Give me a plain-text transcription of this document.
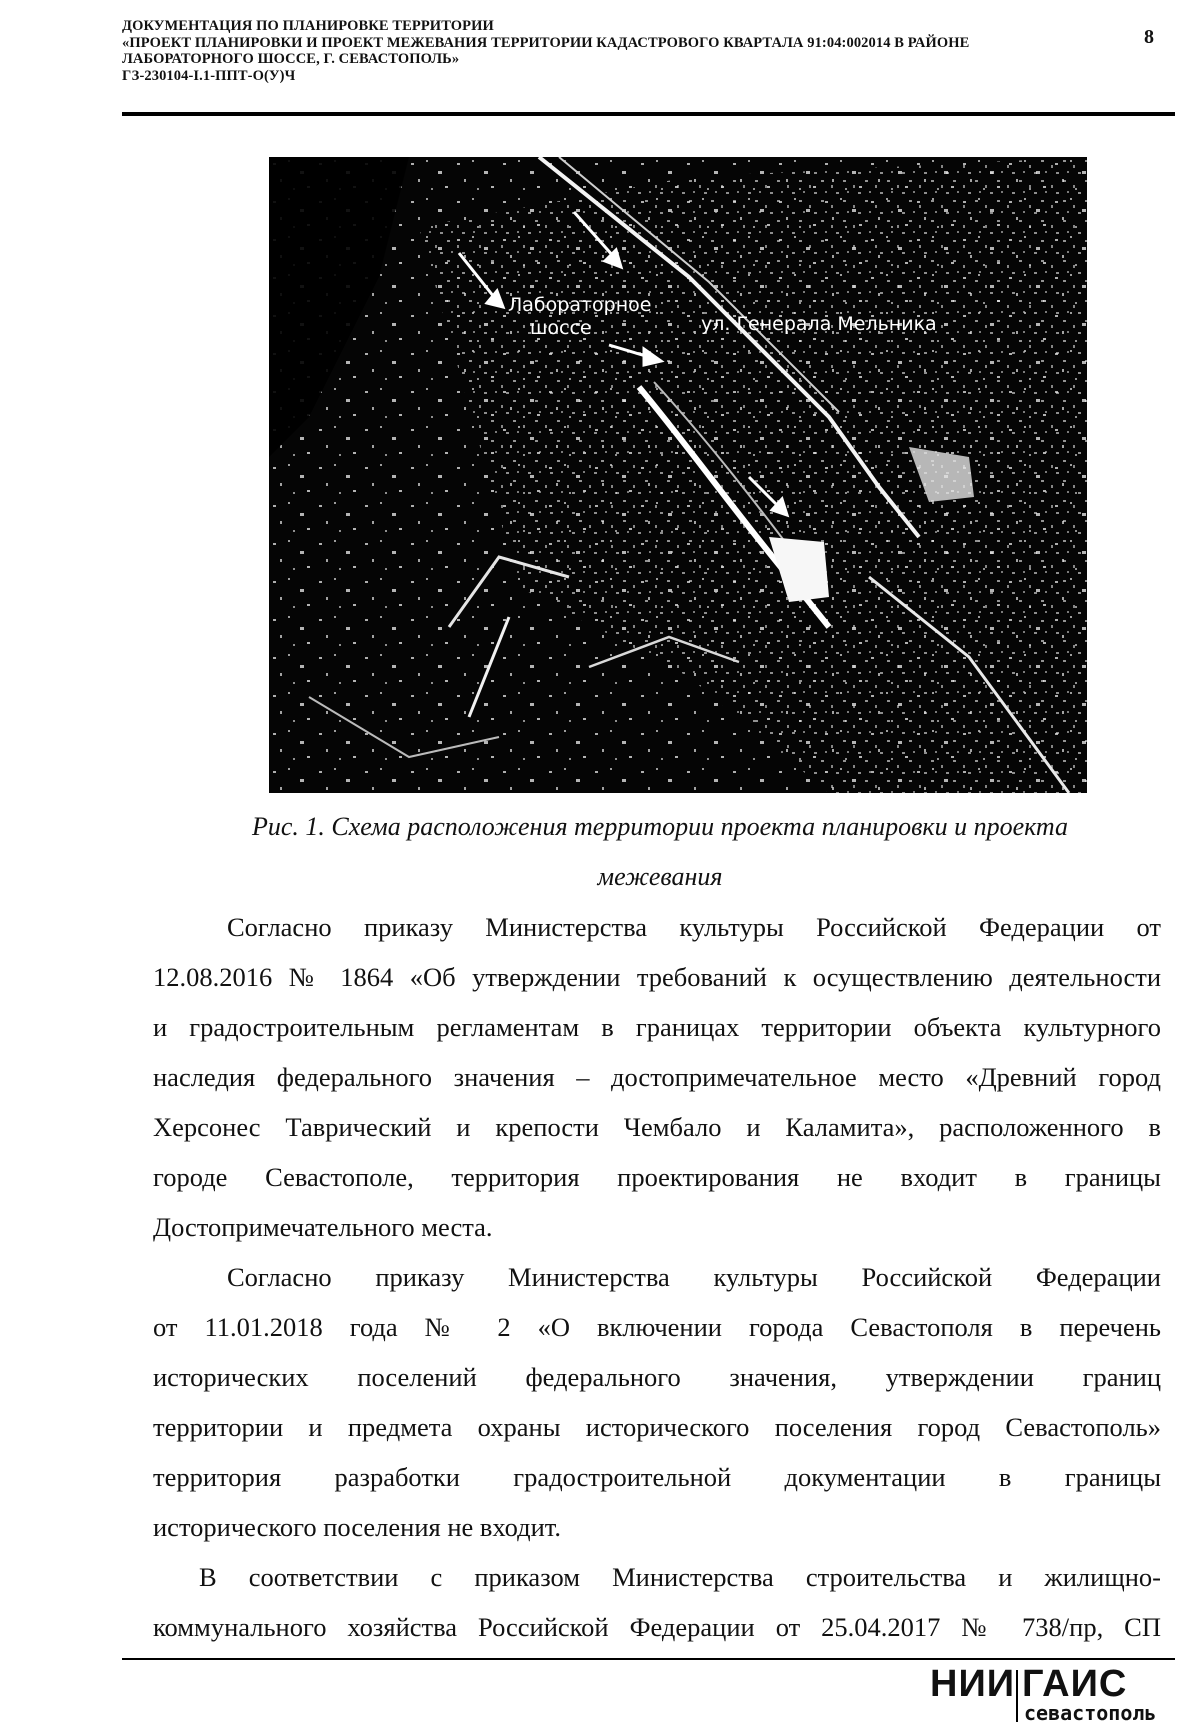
ДОКУМЕНТАЦИЯ ПО ПЛАНИРОВКЕ ТЕРРИТОРИИ
«ПРОЕКТ ПЛАНИРОВКИ И ПРОЕКТ МЕЖЕВАНИЯ ТЕРРИТОРИИ КАДАСТРОВОГО КВАРТАЛА 91:04:002014 В РАЙОНЕ
ЛАБОРАТОРНОГО ШОССЕ, Г. СЕВАСТОПОЛЬ»
ГЗ-230104-I.1-ППТ-О(У)Ч
8
Лабораторное
шоссе	ул. Генерала Мельника
Рис. 1. Схема расположения территории проекта планировки и проекта
межевания
Согласно приказу Министерства культуры Российской Федерации от
12.08.2016 № 1864 «Об утверждении требований к осуществлению деятельности
и градостроительным регламентам в границах территории объекта культурного
наследия федерального значения – достопримечательное место «Древний город
Херсонес Таврический и крепости Чембало и Каламита», расположенного в
городе Севастополе, территория проектирования не входит в границы
Достопримечательного места.
Согласно приказу Министерства культуры Российской Федерации
от 11.01.2018 года № 2 «О включении города Севастополя в перечень
исторических поселений федерального значения, утверждении границ
территории и предмета охраны исторического поселения город Севастополь»
территория разработки градостроительной документации в границы
исторического поселения не входит.
В соответствии с приказом Министерства строительства и жилищно-
коммунального хозяйства Российской Федерации от 25.04.2017 № 738/пр, СП
НИИ ГАИС
севастополь
